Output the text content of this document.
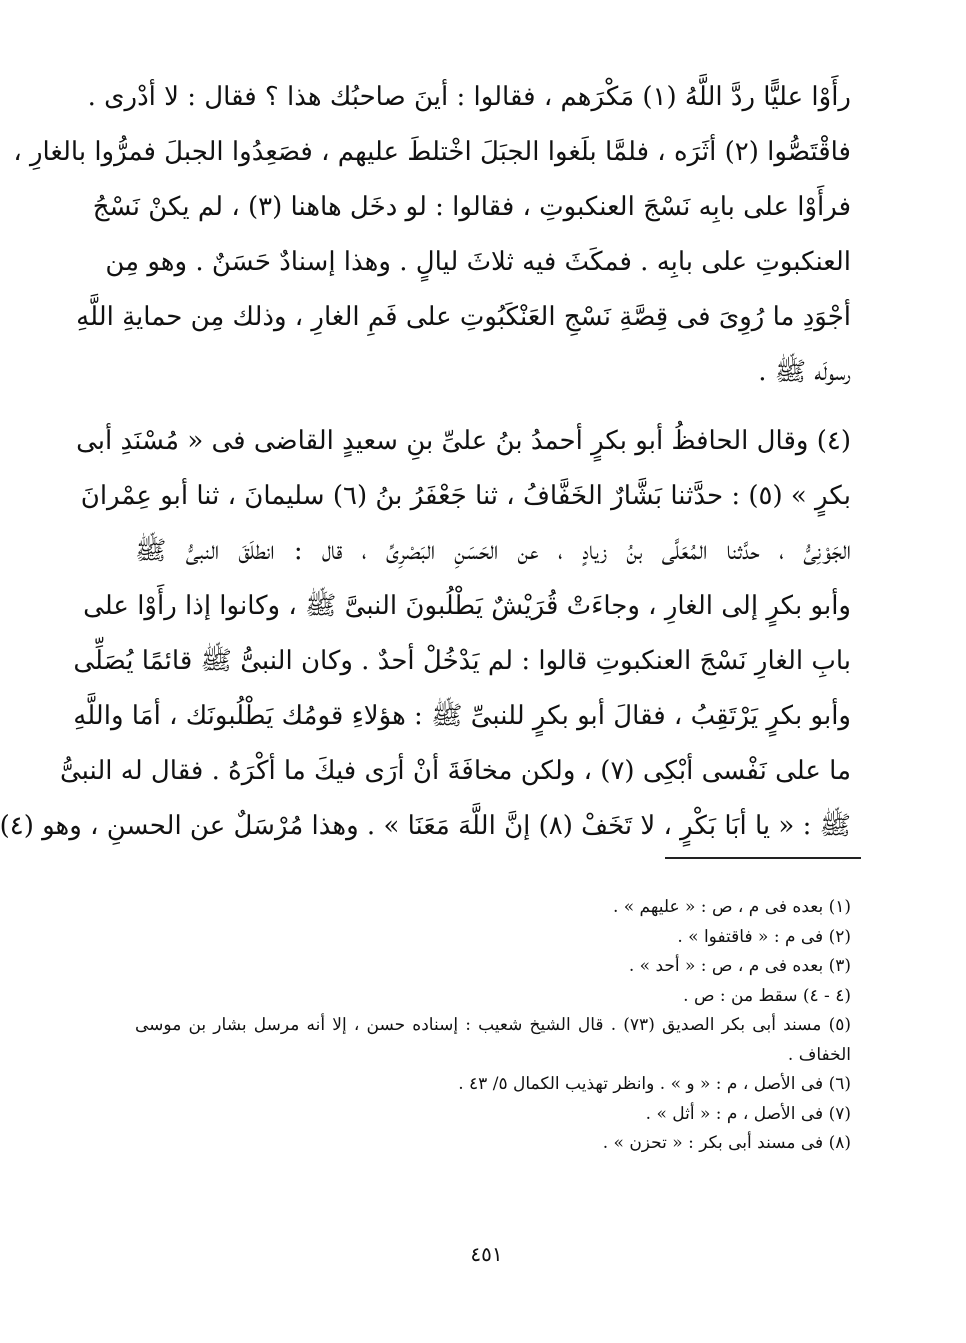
رأَوْا عليًّا ردَّ اللَّهُ (١) مَكْرَهم ، فقالوا : أينَ صاحبُك هذا ؟ فقال : لا أدْرى .
فاقْتَصُّوا (٢) أثَرَه ، فلمَّا بلَغوا الجبَلَ اخْتلطَ عليهم ، فصَعِدُوا الجبلَ فمرُّوا بالغارِ ،
فرأَوْا على بابِه نَسْجَ العنكبوتِ ، فقالوا : لو دخَل هاهنا (٣) ، لم يكنْ نَسْجُ
العنكبوتِ على بابِه . فمكَثَ فيه ثلاثَ ليالٍ . وهذا إسنادٌ حَسَنٌ . وهو مِن
أجْوَدِ ما رُوِىَ فى قِصَّةِ نَسْجِ العَنْكَبُوتِ على فَمِ الغارِ ، وذلك مِن حمايةِ اللَّهِ
رسولَه ﷺ .
(٤) وقال الحافظُ أبو بكرٍ أحمدُ بنُ علىِّ بنِ سعيدٍ القاضى فى « مُسْنَدِ أبى
بكرٍ » (٥) : حدَّثنا بَشَّارٌ الخَفَّافُ ، ثنا جَعْفَرُ بنُ (٦) سليمانَ ، ثنا أبو عِمْرانَ
الجَوْنِىُّ ، حدَّثنا المُعَلَّى بنُ زيادٍ ، عن الحَسَنِ البَصْرِىِّ ، قال : انطلَقَ النبىُّ ﷺ
وأبو بكرٍ إلى الغارِ ، وجاءَتْ قُرَيْشٌ يَطْلُبونَ النبىَّ ﷺ ، وكانوا إذا رأَوْا على
بابِ الغارِ نَسْجَ العنكبوتِ قالوا : لم يَدْخُلْ أحدٌ . وكان النبىُّ ﷺ قائمًا يُصَلِّى
وأبو بكرٍ يَرْتَقِبُ ، فقالَ أبو بكرٍ للنبىِّ ﷺ : هؤلاءِ قومُك يَطْلُبونَك ، أمَا واللَّهِ
ما على نَفْسى أبْكِى (٧) ، ولكن مخافَةَ أنْ أرَى فيكَ ما أكْرَهُ . فقال له النبىُّ
ﷺ : « يا أبَا بَكْرٍ ، لا تَخَفْ (٨) إنَّ اللَّهَ مَعَنَا » . وهذا مُرْسَلٌ عن الحسنِ ، وهو (٤)
(١) بعده فى م ، ص : « عليهم » .
(٢) فى م : « فاقتفوا » .
(٣) بعده فى م ، ص : « أحد » .
(٤ - ٤) سقط من : ص .
(٥) مسند أبى بكر الصديق (٧٣) . قال الشيخ شعيب : إسناده حسن ، إلا أنه مرسل بشار بن موسى الخفاف .
(٦) فى الأصل ، م : « و » . وانظر تهذيب الكمال ٥/ ٤٣ .
(٧) فى الأصل ، م : « أثل » .
(٨) فى مسند أبى بكر : « تحزن » .
٤٥١
